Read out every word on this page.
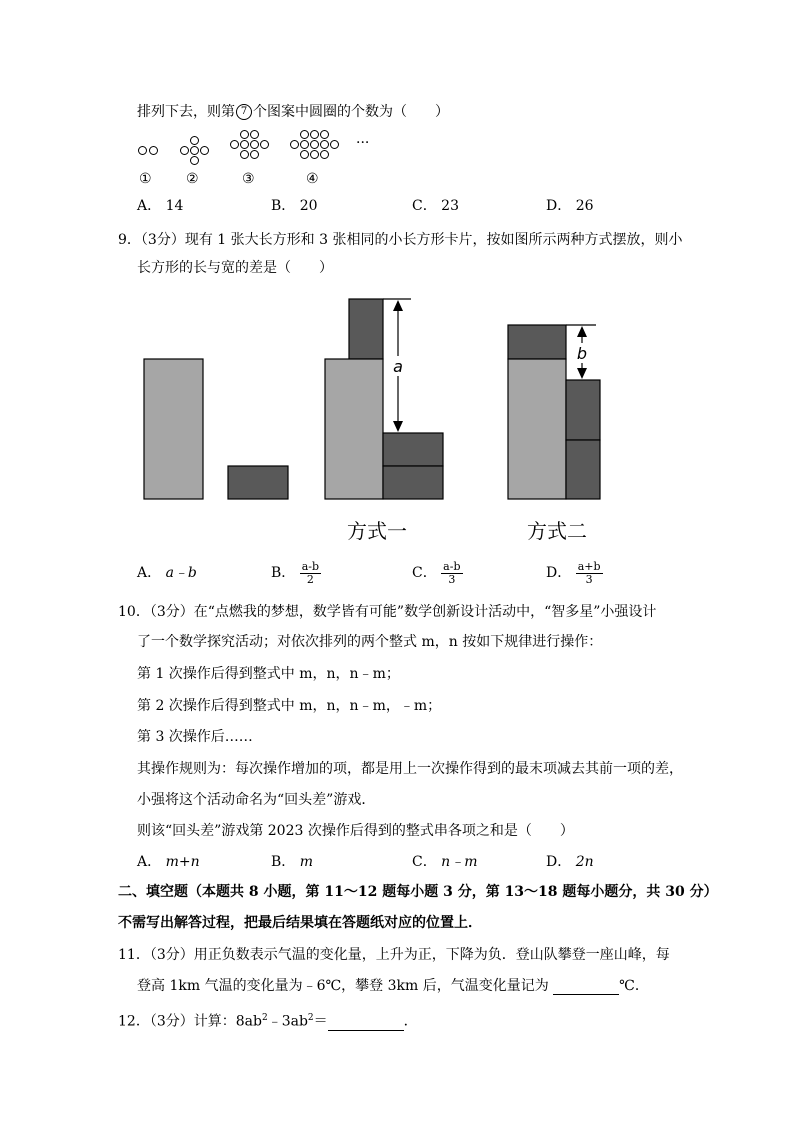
排列下去，则第 7 个图案中圆圈的个数为（　　）
···
① ②	③	④
A． 14	B． 20	C． 23	D． 26
9．（3分）现有 1 张大长方形和 3 张相同的小长方形卡片，按如图所示两种方式摆放，则小
长方形的长与宽的差是（　　）
a
方式一
b
方式二
A． a﹣b	B． $\frac{a-b}{2}$	C． $\frac{a-b}{3}$	D． $\frac{a+b}{3}$
10．（3分）在“点燃我的梦想，数学皆有可能”数学创新设计活动中，“智多星”小强设计
了一个数学探究活动；对依次排列的两个整式 m，n 按如下规律进行操作：
第 1 次操作后得到整式中 m，n，n﹣m；
第 2 次操作后得到整式中 m，n，n﹣m，﹣m；
第 3 次操作后……
其操作规则为：每次操作增加的项，都是用上一次操作得到的最末项减去其前一项的差，
小强将这个活动命名为“回头差”游戏．
则该“回头差”游戏第 2023 次操作后得到的整式串各项之和是（　　）
A． m+n	B． m	C． n﹣m	D． 2n
二、填空题（本题共 8 小题，第 11～12 题每小题 3 分，第 13～18 题每小题分，共 30 分）
不需写出解答过程，把最后结果填在答题纸对应的位置上．
11．（3分）用正负数表示气温的变化量，上升为正，下降为负．登山队攀登一座山峰，每
登高 1km 气温的变化量为﹣6℃，攀登 3km 后，气温变化量记为	℃．
12．（3分）计算：$8ab^2﹣3ab^2=$	．
